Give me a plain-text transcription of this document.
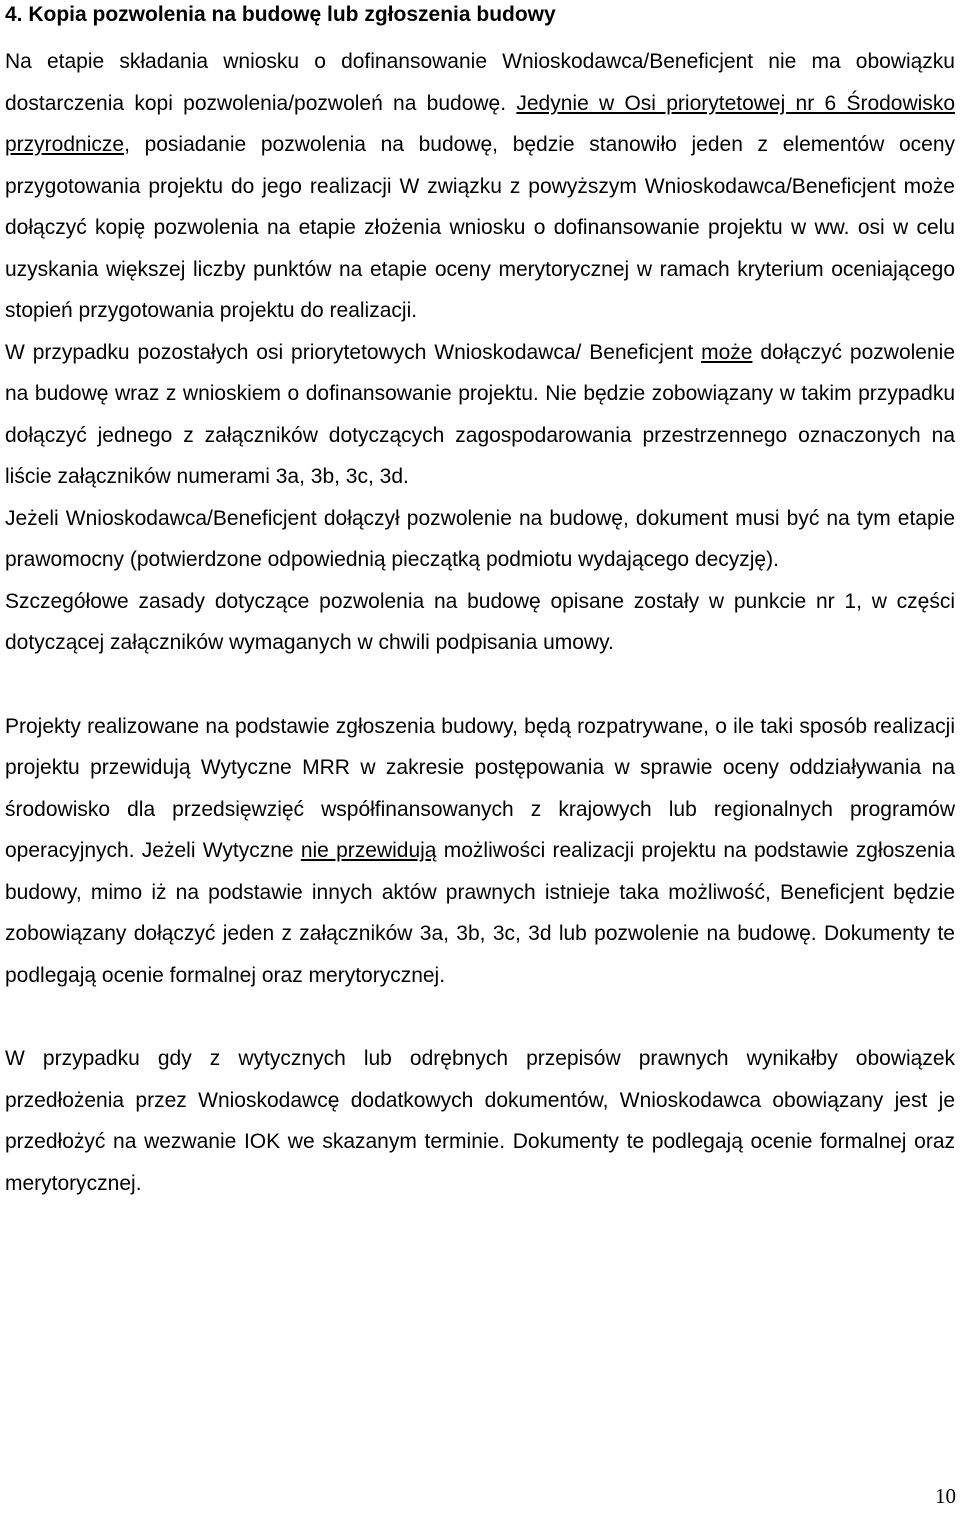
4. Kopia pozwolenia na budowę lub zgłoszenia budowy

Na etapie składania wniosku o dofinansowanie Wnioskodawca/Beneficjent nie ma obowiązku dostarczenia kopi pozwolenia/pozwoleń na budowę. Jedynie w Osi priorytetowej nr 6 Środowisko przyrodnicze, posiadanie pozwolenia na budowę, będzie stanowiło jeden z elementów oceny przygotowania projektu do jego realizacji W związku z powyższym Wnioskodawca/Beneficjent może dołączyć kopię pozwolenia na etapie złożenia wniosku o dofinansowanie projektu w ww. osi w celu uzyskania większej liczby punktów na etapie oceny merytorycznej w ramach kryterium oceniającego stopień przygotowania projektu do realizacji.

W przypadku pozostałych osi priorytetowych Wnioskodawca/ Beneficjent może dołączyć pozwolenie na budowę wraz z wnioskiem o dofinansowanie projektu. Nie będzie zobowiązany w takim przypadku dołączyć jednego z załączników dotyczących zagospodarowania przestrzennego oznaczonych na liście załączników numerami 3a, 3b, 3c, 3d.

Jeżeli Wnioskodawca/Beneficjent dołączył pozwolenie na budowę, dokument musi być na tym etapie prawomocny (potwierdzone odpowiednią pieczątką podmiotu wydającego decyzję).

Szczegółowe zasady dotyczące pozwolenia na budowę opisane zostały w punkcie nr 1, w części dotyczącej załączników wymaganych w chwili podpisania umowy.

Projekty realizowane na podstawie zgłoszenia budowy, będą rozpatrywane, o ile taki sposób realizacji projektu przewidują Wytyczne MRR w zakresie postępowania w sprawie oceny oddziaływania na środowisko dla przedsięwzięć współfinansowanych z krajowych lub regionalnych programów operacyjnych. Jeżeli Wytyczne nie przewidują możliwości realizacji projektu na podstawie zgłoszenia budowy, mimo iż na podstawie innych aktów prawnych istnieje taka możliwość, Beneficjent będzie zobowiązany dołączyć jeden z załączników 3a, 3b, 3c, 3d lub pozwolenie na budowę. Dokumenty te podlegają ocenie formalnej oraz merytorycznej.

W przypadku gdy z wytycznych lub odrębnych przepisów prawnych wynikałby obowiązek przedłożenia przez Wnioskodawcę dodatkowych dokumentów, Wnioskodawca obowiązany jest je przedłożyć na wezwanie IOK we skazanym terminie. Dokumenty te podlegają ocenie formalnej oraz merytorycznej.

10
